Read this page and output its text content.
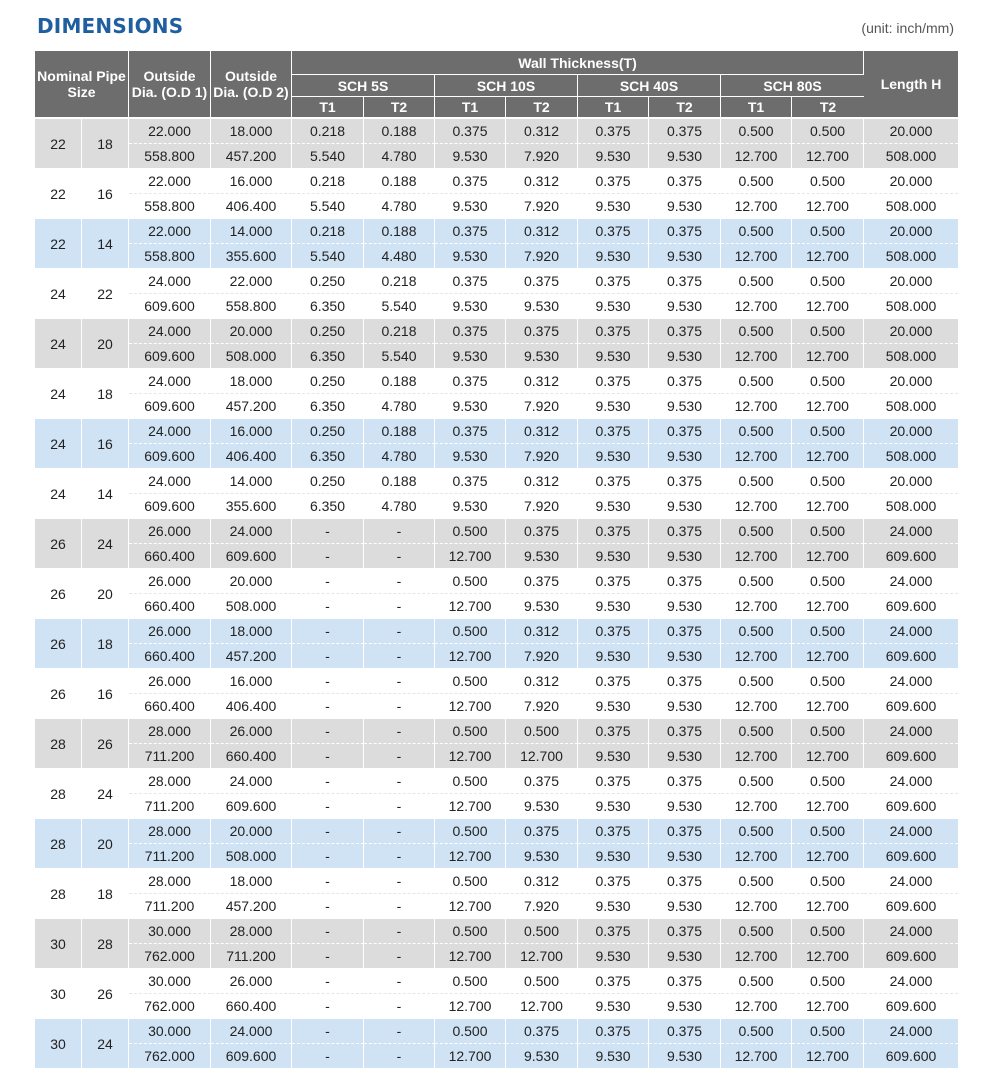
DIMENSIONS	(unit: inch/mm)
Nominal Pipe Size		Outside Dia. (O.D 1)	Outside Dia. (O.D 2)	Wall Thickness(T)								Length H
				SCH 5S		SCH 10S		SCH 40S		SCH 80S		
				T1	T2	T1	T2	T1	T2	T1	T2	
22	18	22.000	18.000	0.218	0.188	0.375	0.312	0.375	0.375	0.500	0.500	20.000
		558.800	457.200	5.540	4.780	9.530	7.920	9.530	9.530	12.700	12.700	508.000
22	16	22.000	16.000	0.218	0.188	0.375	0.312	0.375	0.375	0.500	0.500	20.000
		558.800	406.400	5.540	4.780	9.530	7.920	9.530	9.530	12.700	12.700	508.000
22	14	22.000	14.000	0.218	0.188	0.375	0.312	0.375	0.375	0.500	0.500	20.000
		558.800	355.600	5.540	4.480	9.530	7.920	9.530	9.530	12.700	12.700	508.000
24	22	24.000	22.000	0.250	0.218	0.375	0.375	0.375	0.375	0.500	0.500	20.000
		609.600	558.800	6.350	5.540	9.530	9.530	9.530	9.530	12.700	12.700	508.000
24	20	24.000	20.000	0.250	0.218	0.375	0.375	0.375	0.375	0.500	0.500	20.000
		609.600	508.000	6.350	5.540	9.530	9.530	9.530	9.530	12.700	12.700	508.000
24	18	24.000	18.000	0.250	0.188	0.375	0.312	0.375	0.375	0.500	0.500	20.000
		609.600	457.200	6.350	4.780	9.530	7.920	9.530	9.530	12.700	12.700	508.000
24	16	24.000	16.000	0.250	0.188	0.375	0.312	0.375	0.375	0.500	0.500	20.000
		609.600	406.400	6.350	4.780	9.530	7.920	9.530	9.530	12.700	12.700	508.000
24	14	24.000	14.000	0.250	0.188	0.375	0.312	0.375	0.375	0.500	0.500	20.000
		609.600	355.600	6.350	4.780	9.530	7.920	9.530	9.530	12.700	12.700	508.000
26	24	26.000	24.000	-	-	0.500	0.375	0.375	0.375	0.500	0.500	24.000
		660.400	609.600	-	-	12.700	9.530	9.530	9.530	12.700	12.700	609.600
26	20	26.000	20.000	-	-	0.500	0.375	0.375	0.375	0.500	0.500	24.000
		660.400	508.000	-	-	12.700	9.530	9.530	9.530	12.700	12.700	609.600
26	18	26.000	18.000	-	-	0.500	0.312	0.375	0.375	0.500	0.500	24.000
		660.400	457.200	-	-	12.700	7.920	9.530	9.530	12.700	12.700	609.600
26	16	26.000	16.000	-	-	0.500	0.312	0.375	0.375	0.500	0.500	24.000
		660.400	406.400	-	-	12.700	7.920	9.530	9.530	12.700	12.700	609.600
28	26	28.000	26.000	-	-	0.500	0.500	0.375	0.375	0.500	0.500	24.000
		711.200	660.400	-	-	12.700	12.700	9.530	9.530	12.700	12.700	609.600
28	24	28.000	24.000	-	-	0.500	0.375	0.375	0.375	0.500	0.500	24.000
		711.200	609.600	-	-	12.700	9.530	9.530	9.530	12.700	12.700	609.600
28	20	28.000	20.000	-	-	0.500	0.375	0.375	0.375	0.500	0.500	24.000
		711.200	508.000	-	-	12.700	9.530	9.530	9.530	12.700	12.700	609.600
28	18	28.000	18.000	-	-	0.500	0.312	0.375	0.375	0.500	0.500	24.000
		711.200	457.200	-	-	12.700	7.920	9.530	9.530	12.700	12.700	609.600
30	28	30.000	28.000	-	-	0.500	0.500	0.375	0.375	0.500	0.500	24.000
		762.000	711.200	-	-	12.700	12.700	9.530	9.530	12.700	12.700	609.600
30	26	30.000	26.000	-	-	0.500	0.500	0.375	0.375	0.500	0.500	24.000
		762.000	660.400	-	-	12.700	12.700	9.530	9.530	12.700	12.700	609.600
30	24	30.000	24.000	-	-	0.500	0.375	0.375	0.375	0.500	0.500	24.000
		762.000	609.600	-	-	12.700	9.530	9.530	9.530	12.700	12.700	609.600
